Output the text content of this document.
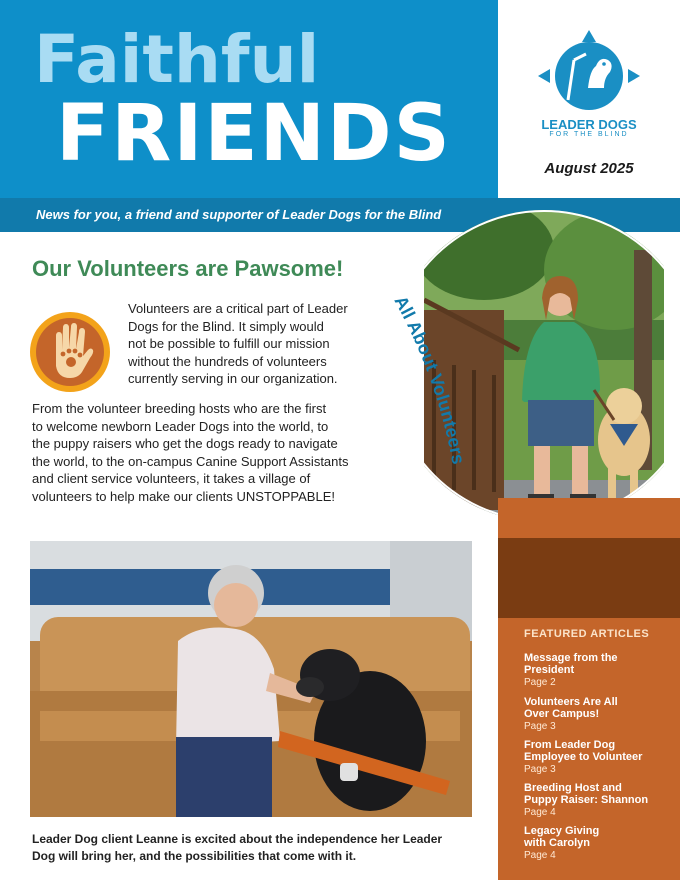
Faithful
FRIENDS	LEADER DOGS
FOR THE BLIND
August 2025
News for you, a friend and supporter of Leader Dogs for the Blind
Our Volunteers are Pawsome!
Volunteers are a critical part of Leader
Dogs for the Blind. It simply would
not be possible to fulfill our mission
without the hundreds of volunteers
currently serving in our organization.
From the volunteer breeding hosts who are the first
to welcome newborn Leader Dogs into the world, to
the puppy raisers who get the dogs ready to navigate
the world, to the on-campus Canine Support Assistants
and client service volunteers, it takes a village of
volunteers to help make our clients UNSTOPPABLE!
All About Volunteers
FEATURED ARTICLES
Message from the
President
Page 2
Volunteers Are All
Over Campus!
Page 3
From Leader Dog
Employee to Volunteer
Page 3
Breeding Host and
Puppy Raiser: Shannon
Page 4
Legacy Giving
with Carolyn
Page 4
Leader Dog client Leanne is excited about the independence her Leader
Dog will bring her, and the possibilities that come with it.
